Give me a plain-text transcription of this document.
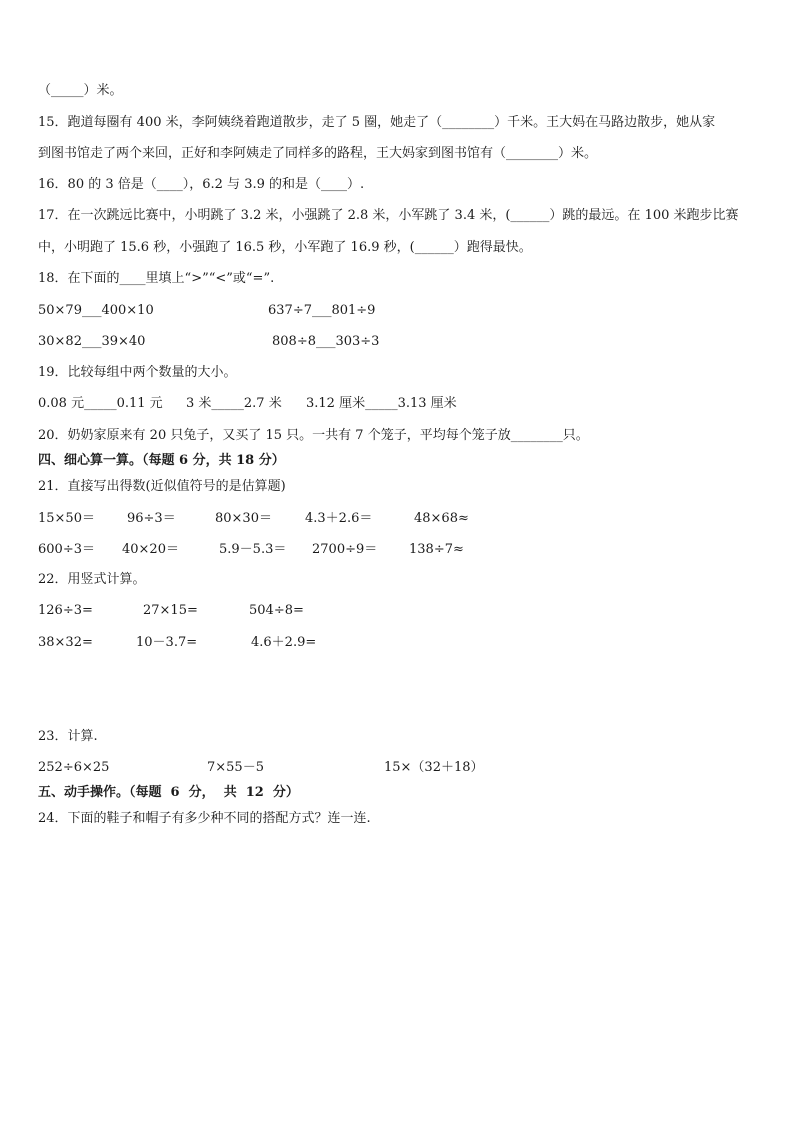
（_____）米。
15．跑道每圈有 400 米，李阿姨绕着跑道散步，走了 5 圈，她走了（________）千米。王大妈在马路边散步，她从家
到图书馆走了两个来回，正好和李阿姨走了同样多的路程，王大妈家到图书馆有（________）米。
16．80 的 3 倍是（____），6.2 与 3.9 的和是（____）.
17．在一次跳远比赛中，小明跳了 3.2 米，小强跳了 2.8 米，小军跳了 3.4 米，(______）跳的最远。在 100 米跑步比赛
中，小明跑了 15.6 秒，小强跑了 16.5 秒，小军跑了 16.9 秒，(______）跑得最快。
18．在下面的____里填上“>”“<”或“=”.
50×79___400×10	637÷7___801÷9
30×82___39×40	808÷8___303÷3
19．比较每组中两个数量的大小。
0.08 元_____0.11 元 3 米_____2.7 米 3.12 厘米_____3.13 厘米
20．奶奶家原来有 20 只兔子，又买了 15 只。一共有 7 个笼子，平均每个笼子放________只。
四、细心算一算。（每题 6 分，共 18 分）
21．直接写出得数(近似值符号的是估算题)
15×50＝ 96÷3＝	80×30＝	4.3＋2.6＝	48×68≈
600÷3＝ 40×20＝	5.9－5.3＝ 2700÷9＝ 138÷7≈
22．用竖式计算。
126÷3=	27×15=	504÷8=
38×32=	10－3.7=	4.6＋2.9=
23．计算.
252÷6×25	7×55－5	15×（32＋18）
五、动手操作。（每题  6  分，  共  12  分）
24．下面的鞋子和帽子有多少种不同的搭配方式？连一连.
